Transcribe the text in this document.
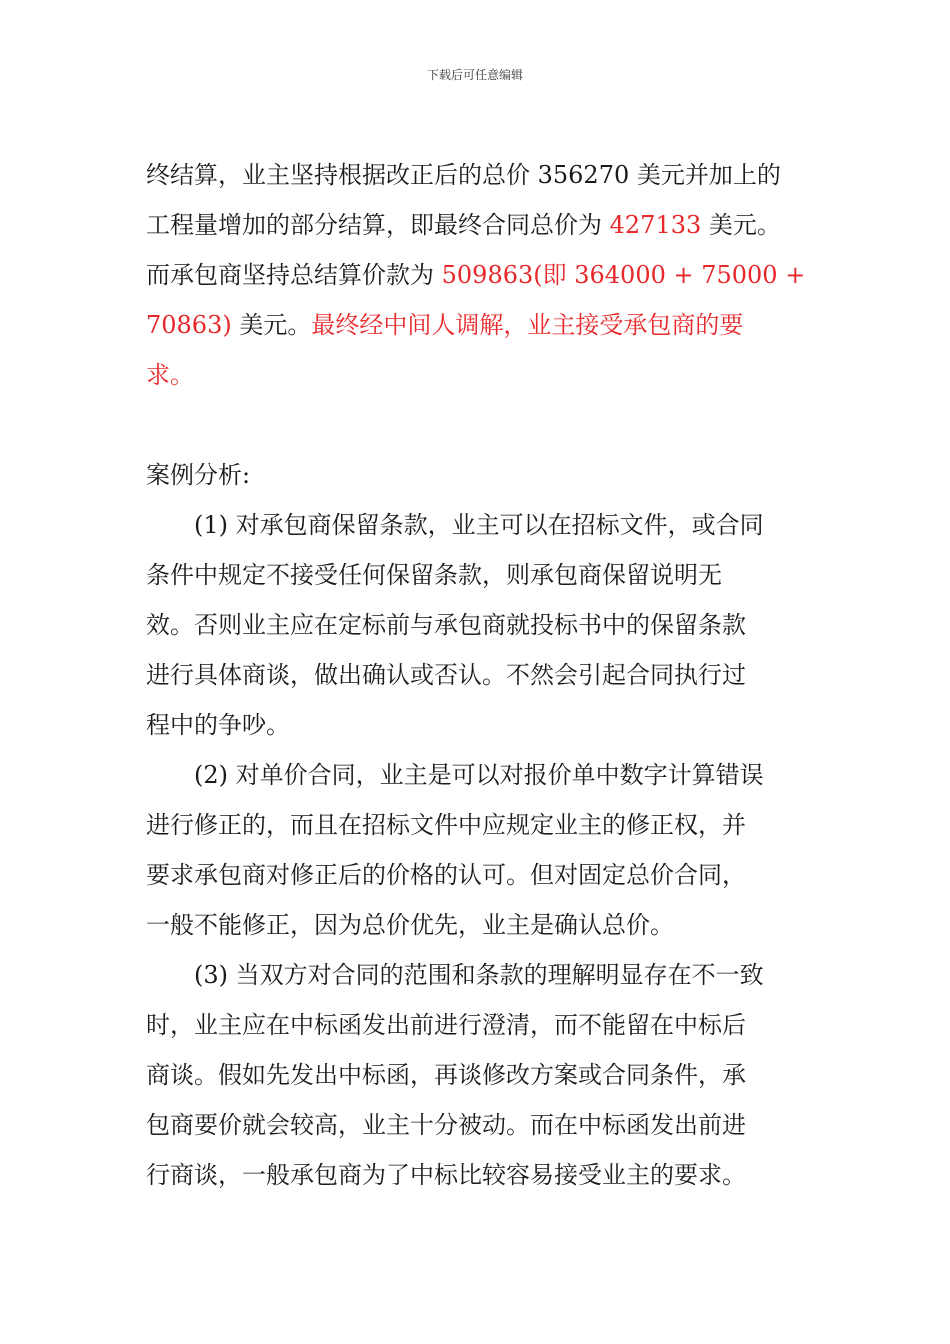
下载后可任意编辑
终结算，业主坚持根据改正后的总价 356270 美元并加上的
工程量增加的部分结算，即最终合同总价为 427133 美元。
而承包商坚持总结算价款为 509863(即 364000 + 75000 +
70863) 美元。最终经中间人调解，业主接受承包商的要
求。
案例分析:
(1) 对承包商保留条款，业主可以在招标文件，或合同
条件中规定不接受任何保留条款，则承包商保留说明无
效。否则业主应在定标前与承包商就投标书中的保留条款
进行具体商谈，做出确认或否认。不然会引起合同执行过
程中的争吵。
(2) 对单价合同，业主是可以对报价单中数字计算错误
进行修正的，而且在招标文件中应规定业主的修正权，并
要求承包商对修正后的价格的认可。但对固定总价合同，
一般不能修正，因为总价优先，业主是确认总价。
(3) 当双方对合同的范围和条款的理解明显存在不一致
时，业主应在中标函发出前进行澄清，而不能留在中标后
商谈。假如先发出中标函，再谈修改方案或合同条件，承
包商要价就会较高，业主十分被动。而在中标函发出前进
行商谈，一般承包商为了中标比较容易接受业主的要求。
